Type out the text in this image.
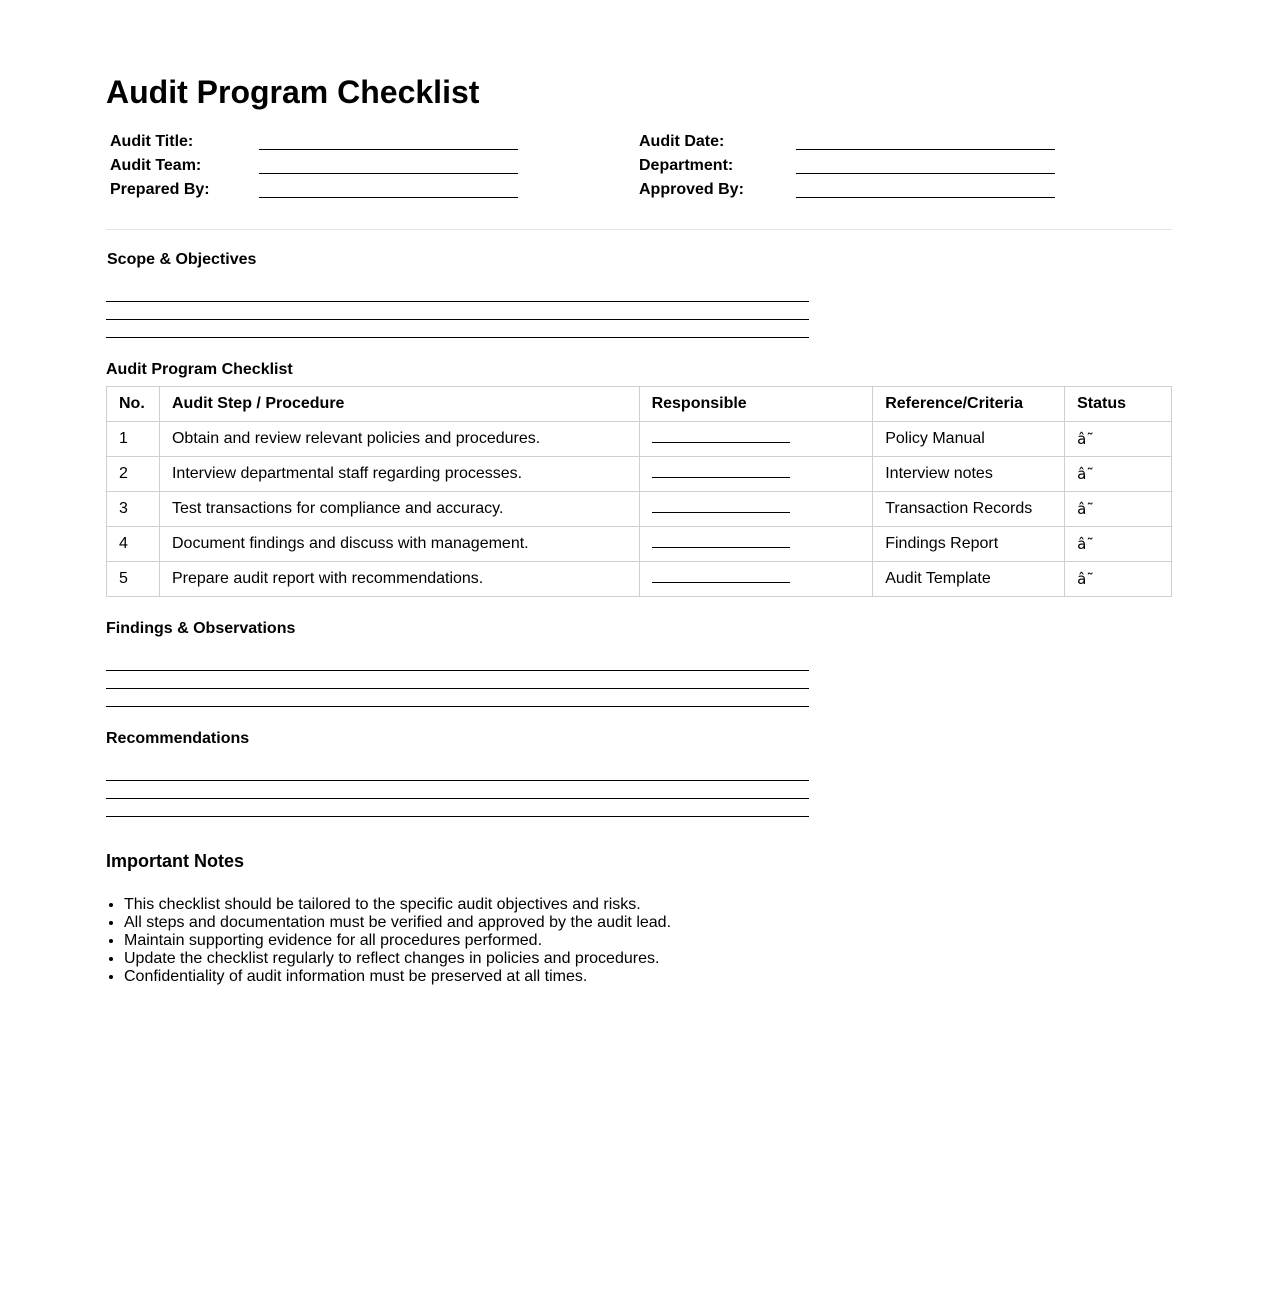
Audit Program Checklist
Audit Title:
Audit Team:
Prepared By:
Audit Date:
Department:
Approved By:
Scope & Objectives
Audit Program Checklist
No.	Audit Step / Procedure	Responsible	Reference/Criteria	Status
1	Obtain and review relevant policies and procedures.		Policy Manual	â˜
2	Interview departmental staff regarding processes.		Interview notes	â˜
3	Test transactions for compliance and accuracy.		Transaction Records	â˜
4	Document findings and discuss with management.		Findings Report	â˜
5	Prepare audit report with recommendations.		Audit Template	â˜
Findings & Observations
Recommendations
Important Notes
• This checklist should be tailored to the specific audit objectives and risks.
• All steps and documentation must be verified and approved by the audit lead.
• Maintain supporting evidence for all procedures performed.
• Update the checklist regularly to reflect changes in policies and procedures.
• Confidentiality of audit information must be preserved at all times.
